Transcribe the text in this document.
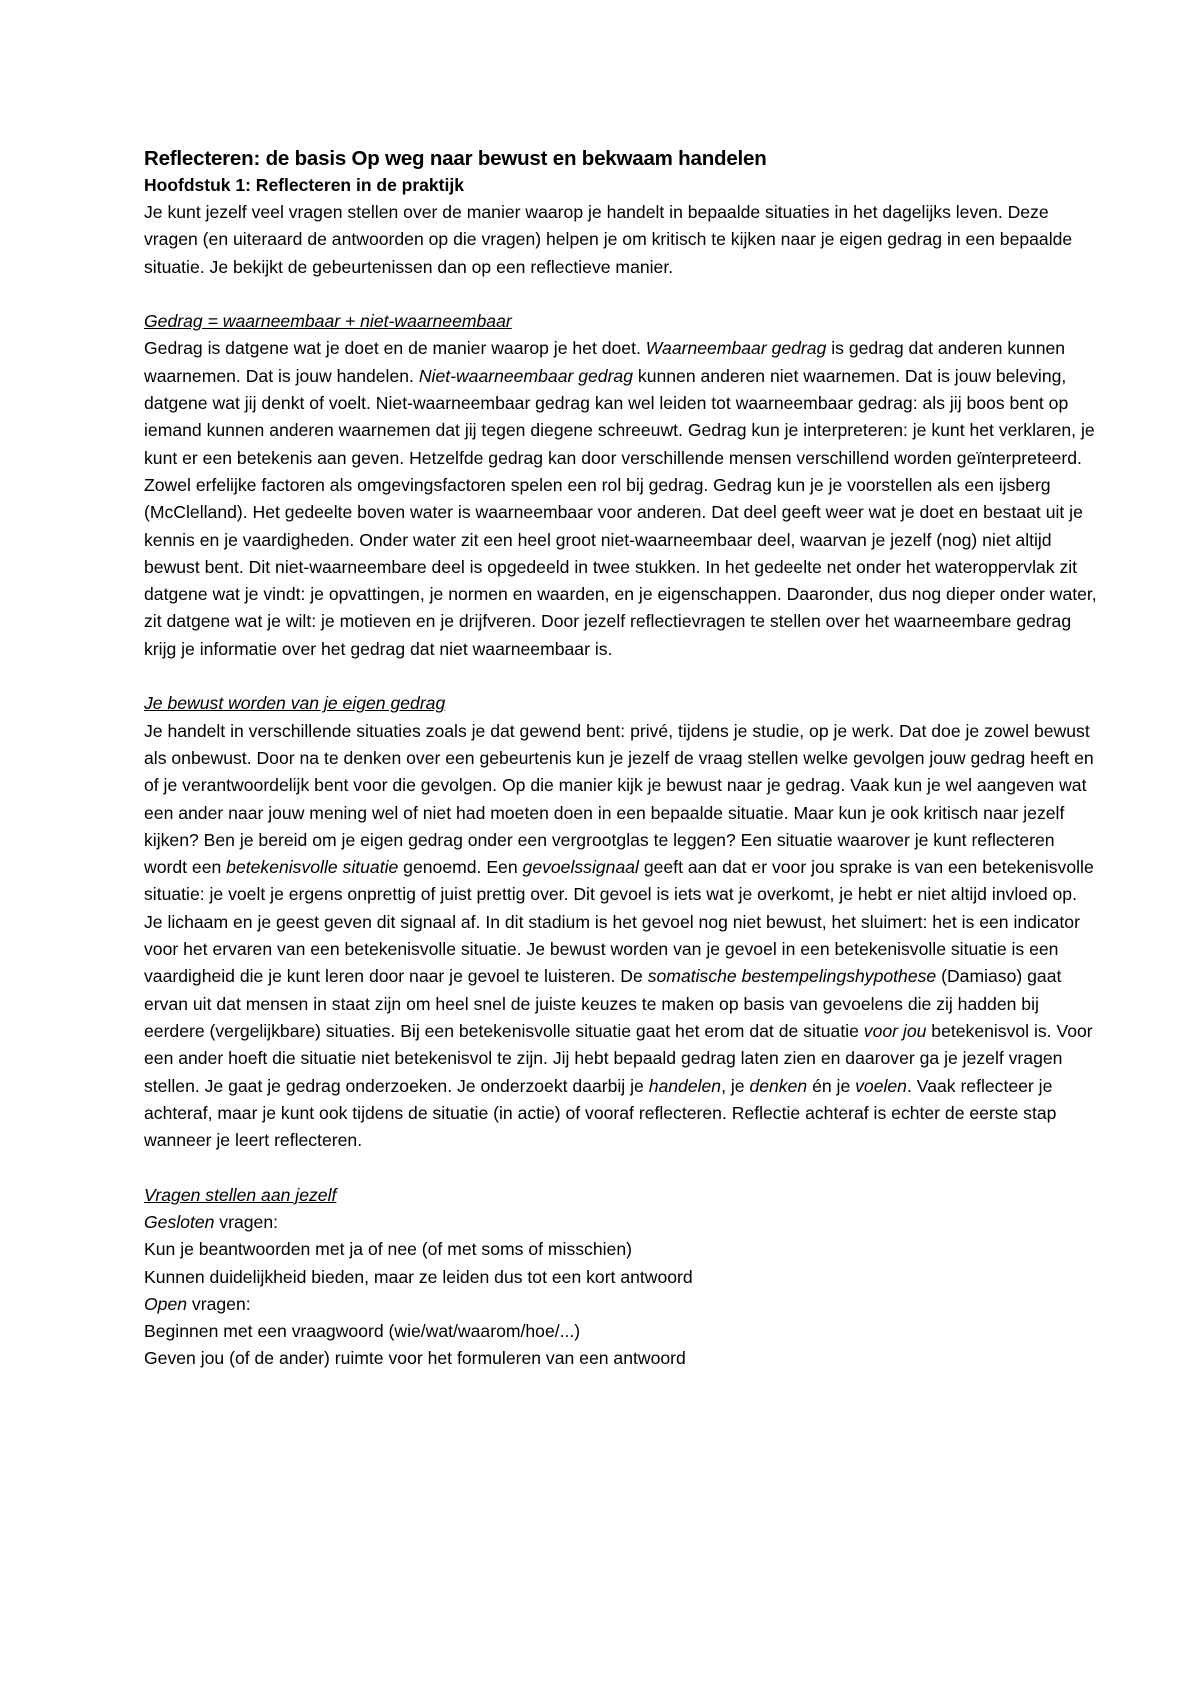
Reflecteren: de basis Op weg naar bewust en bekwaam handelen

Hoofdstuk 1: Reflecteren in de praktijk

Je kunt jezelf veel vragen stellen over de manier waarop je handelt in bepaalde situaties in het dagelijks leven. Deze vragen (en uiteraard de antwoorden op die vragen) helpen je om kritisch te kijken naar je eigen gedrag in een bepaalde situatie. Je bekijkt de gebeurtenissen dan op een reflectieve manier.

Gedrag = waarneembaar + niet-waarneembaar

Gedrag is datgene wat je doet en de manier waarop je het doet. Waarneembaar gedrag is gedrag dat anderen kunnen waarnemen. Dat is jouw handelen. Niet-waarneembaar gedrag kunnen anderen niet waarnemen. Dat is jouw beleving, datgene wat jij denkt of voelt. Niet-waarneembaar gedrag kan wel leiden tot waarneembaar gedrag: als jij boos bent op iemand kunnen anderen waarnemen dat jij tegen diegene schreeuwt. Gedrag kun je interpreteren: je kunt het verklaren, je kunt er een betekenis aan geven. Hetzelfde gedrag kan door verschillende mensen verschillend worden geïnterpreteerd. Zowel erfelijke factoren als omgevingsfactoren spelen een rol bij gedrag. Gedrag kun je je voorstellen als een ijsberg (McClelland). Het gedeelte boven water is waarneembaar voor anderen. Dat deel geeft weer wat je doet en bestaat uit je kennis en je vaardigheden. Onder water zit een heel groot niet-waarneembaar deel, waarvan je jezelf (nog) niet altijd bewust bent. Dit niet-waarneembare deel is opgedeeld in twee stukken. In het gedeelte net onder het wateroppervlak zit datgene wat je vindt: je opvattingen, je normen en waarden, en je eigenschappen. Daaronder, dus nog dieper onder water, zit datgene wat je wilt: je motieven en je drijfveren. Door jezelf reflectievragen te stellen over het waarneembare gedrag krijg je informatie over het gedrag dat niet waarneembaar is.

Je bewust worden van je eigen gedrag

Je handelt in verschillende situaties zoals je dat gewend bent: privé, tijdens je studie, op je werk. Dat doe je zowel bewust als onbewust. Door na te denken over een gebeurtenis kun je jezelf de vraag stellen welke gevolgen jouw gedrag heeft en of je verantwoordelijk bent voor die gevolgen. Op die manier kijk je bewust naar je gedrag. Vaak kun je wel aangeven wat een ander naar jouw mening wel of niet had moeten doen in een bepaalde situatie. Maar kun je ook kritisch naar jezelf kijken? Ben je bereid om je eigen gedrag onder een vergrootglas te leggen? Een situatie waarover je kunt reflecteren wordt een betekenisvolle situatie genoemd. Een gevoelssignaal geeft aan dat er voor jou sprake is van een betekenisvolle situatie: je voelt je ergens onprettig of juist prettig over. Dit gevoel is iets wat je overkomt, je hebt er niet altijd invloed op. Je lichaam en je geest geven dit signaal af. In dit stadium is het gevoel nog niet bewust, het sluimert: het is een indicator voor het ervaren van een betekenisvolle situatie. Je bewust worden van je gevoel in een betekenisvolle situatie is een vaardigheid die je kunt leren door naar je gevoel te luisteren. De somatische bestempelingshypothese (Damiaso) gaat ervan uit dat mensen in staat zijn om heel snel de juiste keuzes te maken op basis van gevoelens die zij hadden bij eerdere (vergelijkbare) situaties. Bij een betekenisvolle situatie gaat het erom dat de situatie voor jou betekenisvol is. Voor een ander hoeft die situatie niet betekenisvol te zijn. Jij hebt bepaald gedrag laten zien en daarover ga je jezelf vragen stellen. Je gaat je gedrag onderzoeken. Je onderzoekt daarbij je handelen, je denken én je voelen. Vaak reflecteer je achteraf, maar je kunt ook tijdens de situatie (in actie) of vooraf reflecteren. Reflectie achteraf is echter de eerste stap wanneer je leert reflecteren.

Vragen stellen aan jezelf

Gesloten vragen:

Kun je beantwoorden met ja of nee (of met soms of misschien)

Kunnen duidelijkheid bieden, maar ze leiden dus tot een kort antwoord

Open vragen:

Beginnen met een vraagwoord (wie/wat/waarom/hoe/...)

Geven jou (of de ander) ruimte voor het formuleren van een antwoord
